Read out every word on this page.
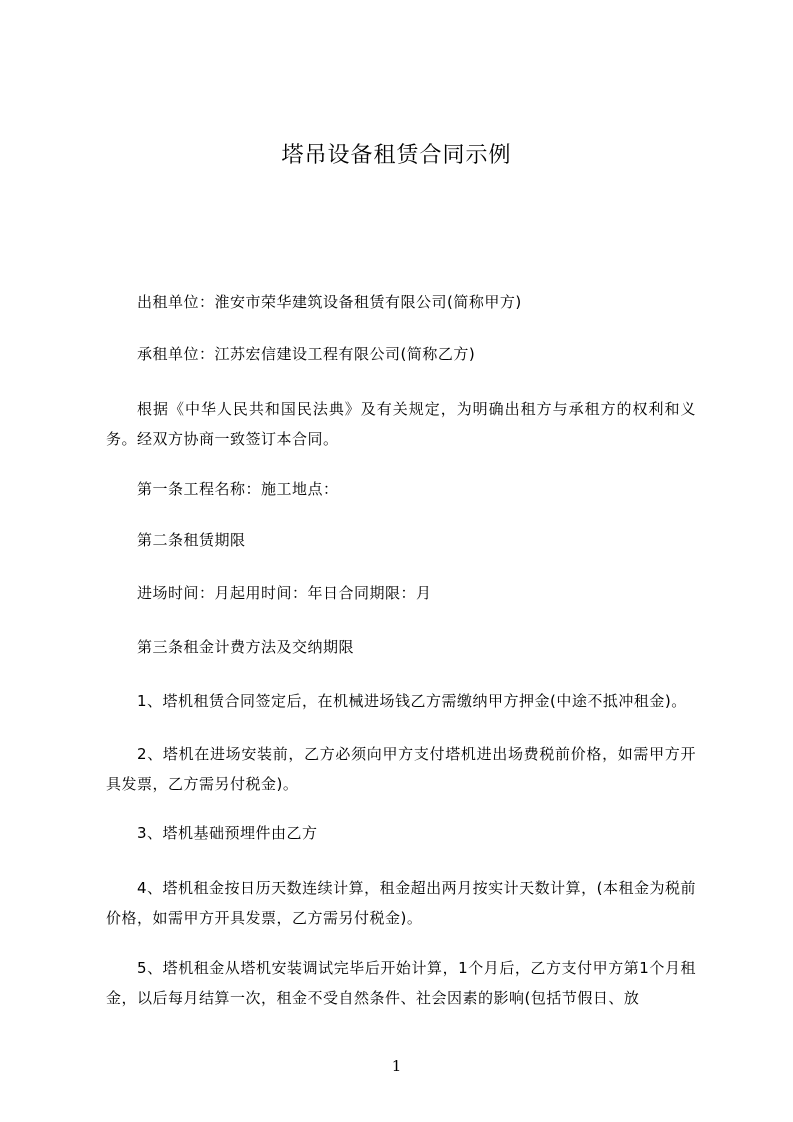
塔吊设备租赁合同示例
出租单位：淮安市荣华建筑设备租赁有限公司(简称甲方)
承租单位：江苏宏信建设工程有限公司(简称乙方)
根据《中华人民共和国民法典》及有关规定，为明确出租方与承租方的权利和义务。经双方协商一致签订本合同。
第一条工程名称：施工地点：
第二条租赁期限
进场时间：月起用时间：年日合同期限：月
第三条租金计费方法及交纳期限
1、塔机租赁合同签定后，在机械进场钱乙方需缴纳甲方押金(中途不抵冲租金)。
2、塔机在进场安装前，乙方必须向甲方支付塔机进出场费税前价格，如需甲方开具发票，乙方需另付税金)。
3、塔机基础预埋件由乙方
4、塔机租金按日历天数连续计算，租金超出两月按实计天数计算，(本租金为税前价格，如需甲方开具发票，乙方需另付税金)。
5、塔机租金从塔机安装调试完毕后开始计算，1个月后，乙方支付甲方第1个月租金，以后每月结算一次，租金不受自然条件、社会因素的影响(包括节假日、放
1
